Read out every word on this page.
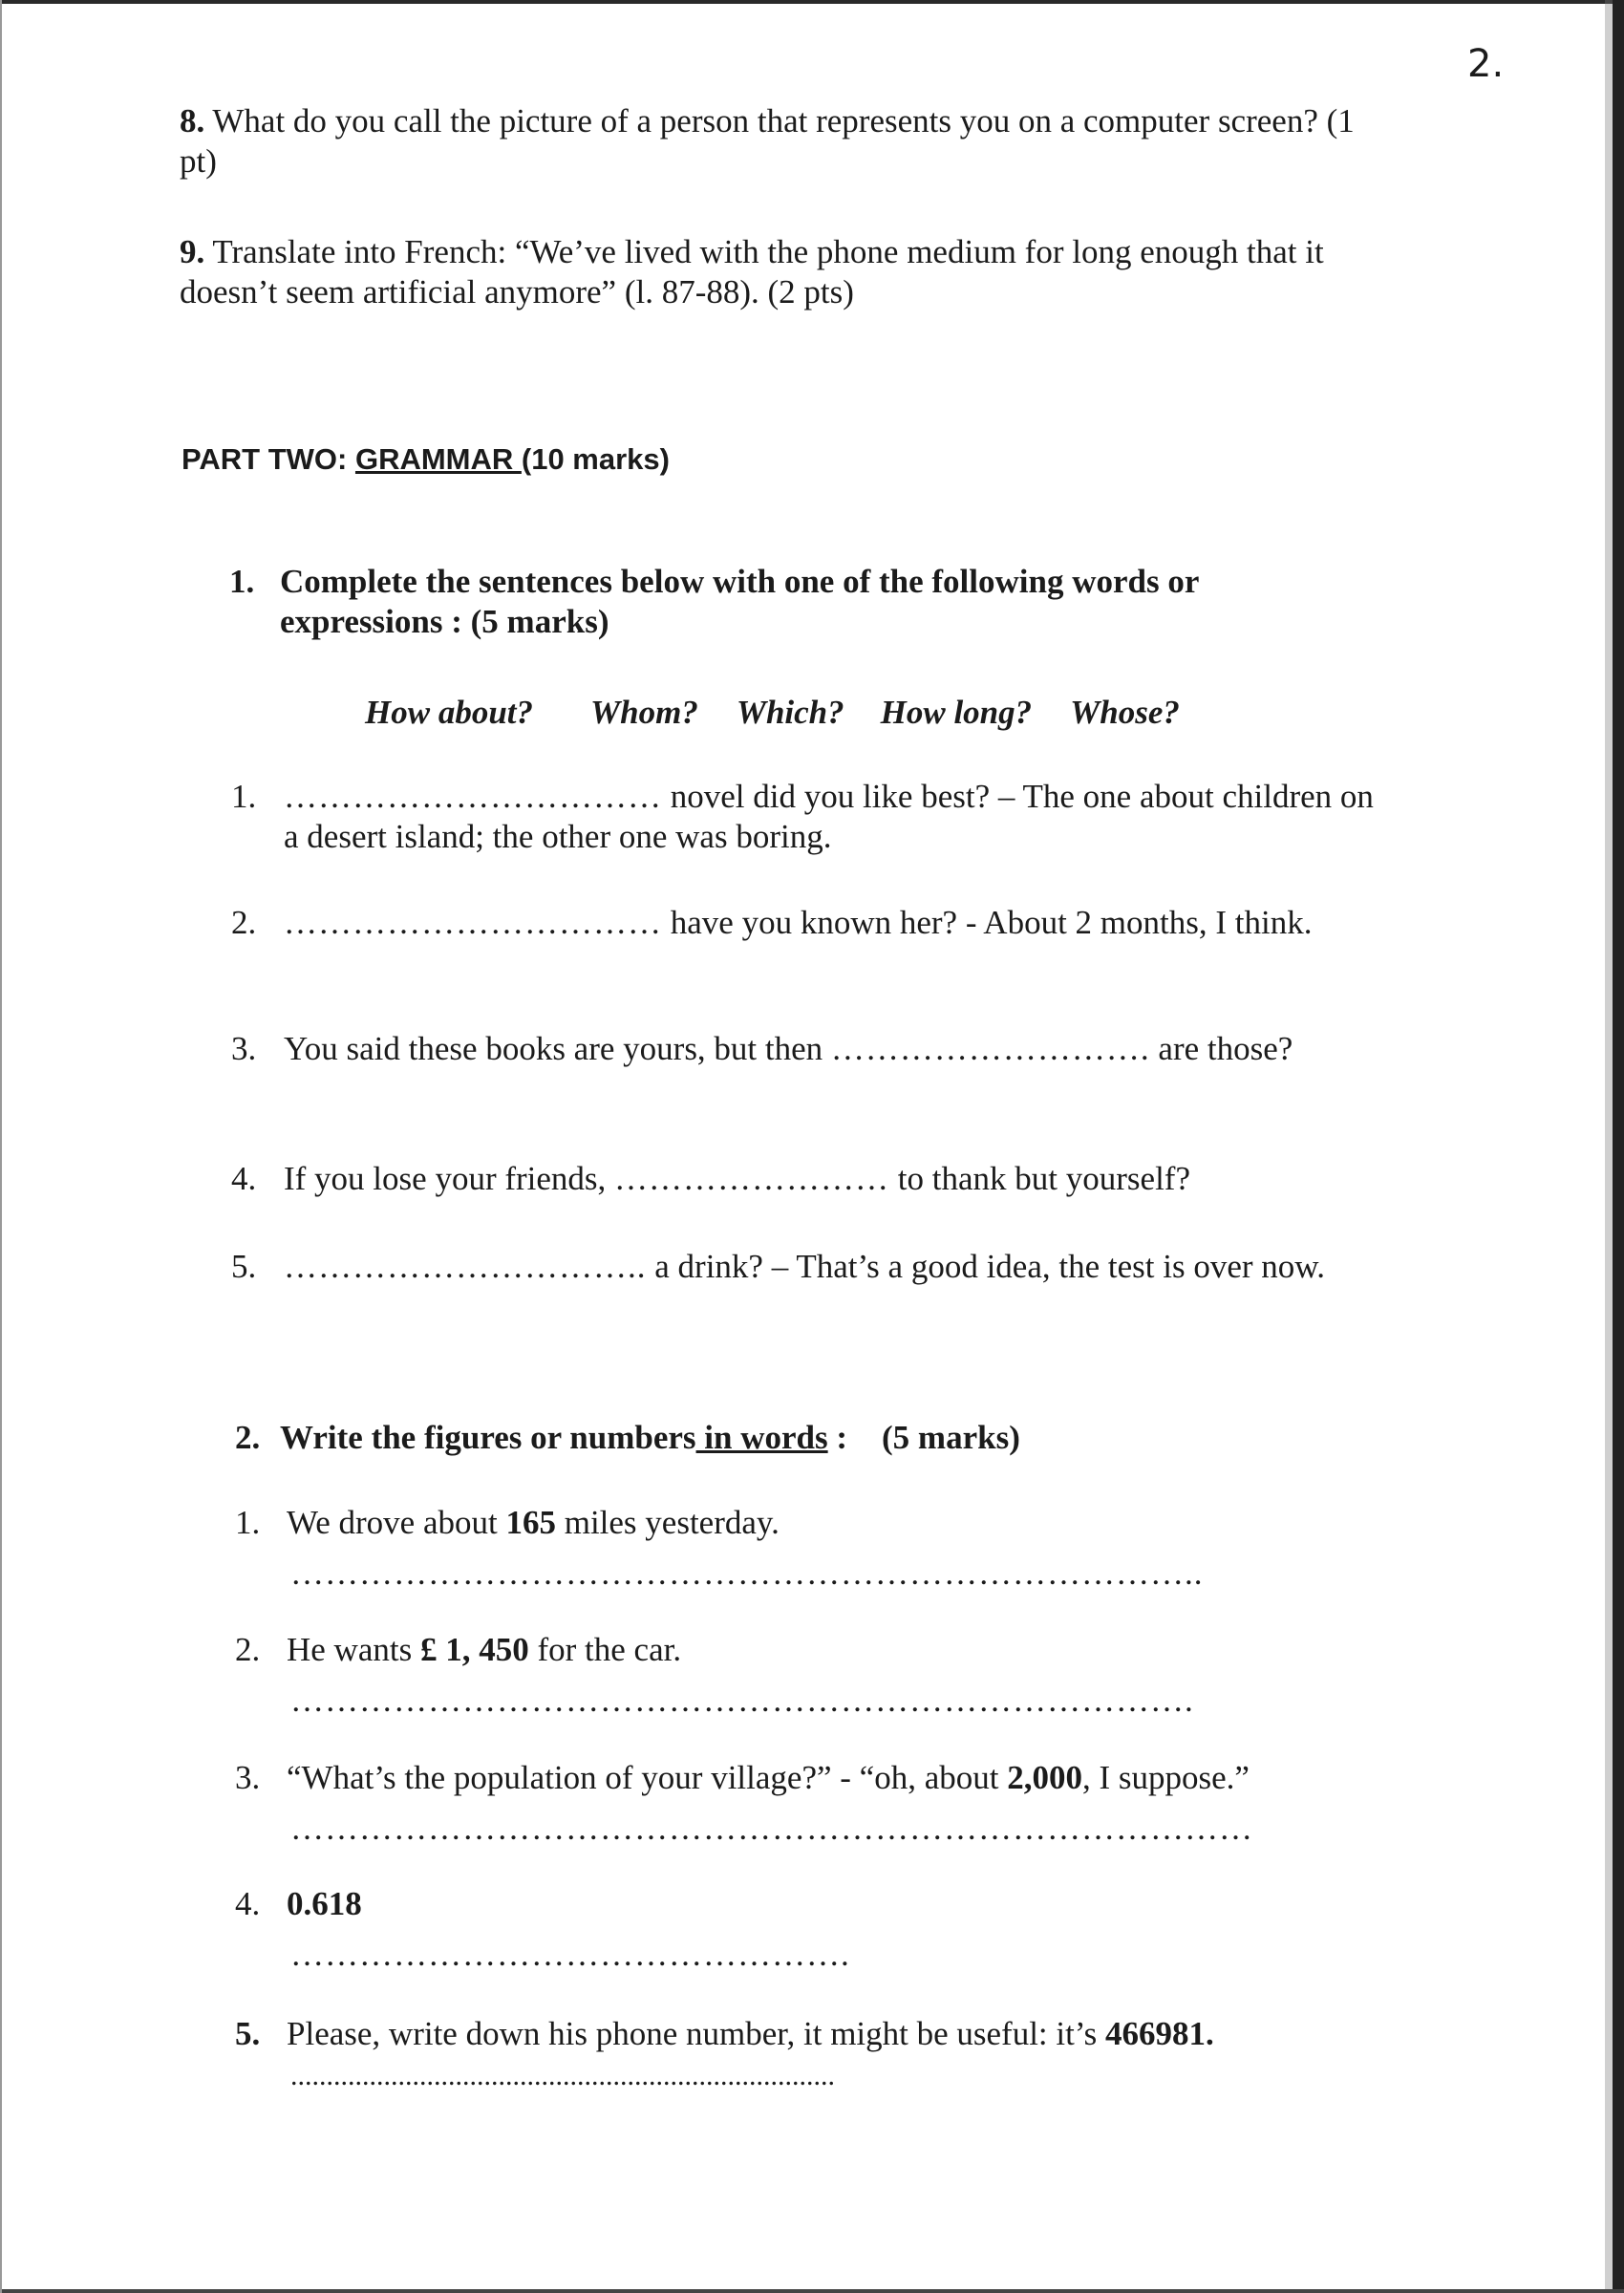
2.
8. What do you call the picture of a person that represents you on a computer screen? (1 pt)
9. Translate into French: “We’ve lived with the phone medium for long enough that it doesn’t seem artificial anymore” (l. 87-88). (2 pts)
PART TWO: GRAMMAR (10 marks)
1. Complete the sentences below with one of the following words or expressions : (5 marks)
How about? Whom? Which? How long? Whose?
1. …………………………… novel did you like best? – The one about children on a desert island; the other one was boring.
2. …………………………… have you known her? - About 2 months, I think.
3. You said these books are yours, but then ………………………. are those?
4. If you lose your friends, …………………… to thank but yourself?
5. ………………………….. a drink? – That’s a good idea, the test is over now.
2. Write the figures or numbers in words : (5 marks)
1. We drove about 165 miles yesterday.
……………………………………………………………………..
2. He wants £ 1, 450 for the car.
…………………………………………………………………….
3. “What’s the population of your village?” - “oh, about 2,000, I suppose.”
…………………………………………………………………………
4. 0.618
………………………………………….
5. Please, write down his phone number, it might be useful: it’s 466981.
............................................................................
